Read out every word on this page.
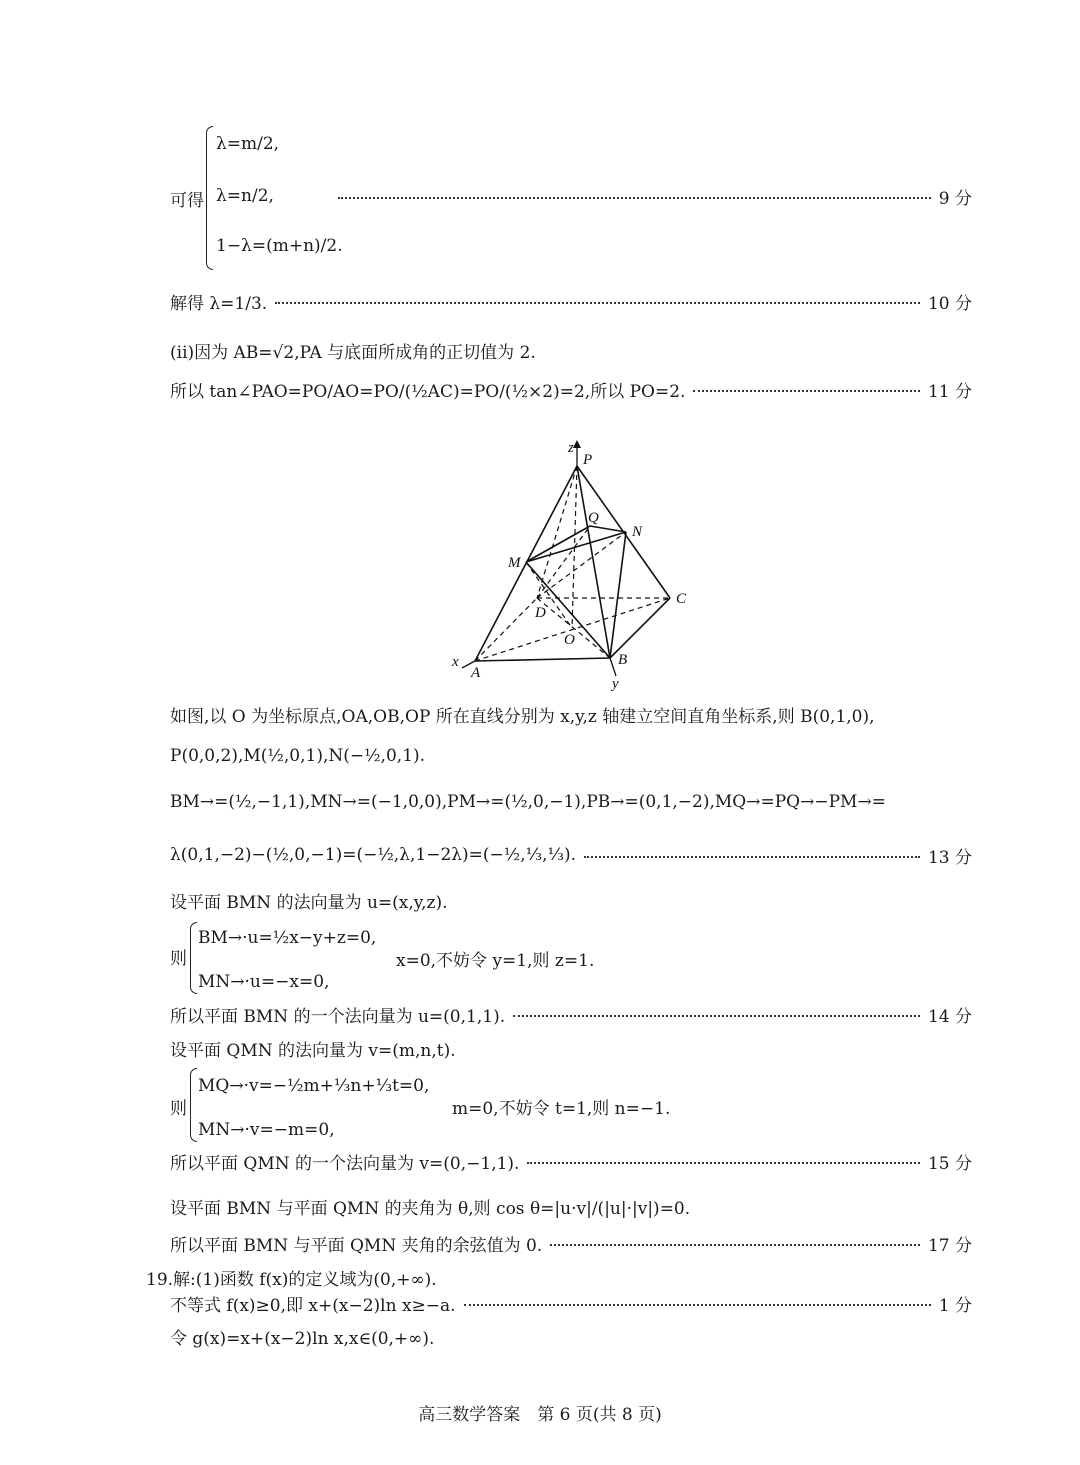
可得
λ=m/2,
λ=n/2,
1−λ=(m+n)/2.
9 分
解得 λ=1/3.	10 分
(ii)因为 AB=√2,PA 与底面所成角的正切值为 2.
所以 tan∠PAO=PO/AO=PO/(½AC)=PO/(½×2)=2,所以 PO=2.	11 分
z
P
Q
N
M
D
C
O
x
A
B
y
如图,以 O 为坐标原点,OA,OB,OP 所在直线分别为 x,y,z 轴建立空间直角坐标系,则 B(0,1,0),
P(0,0,2),M(½,0,1),N(−½,0,1).
BM→=(½,−1,1),MN→=(−1,0,0),PM→=(½,0,−1),PB→=(0,1,−2),MQ→=PQ→−PM→=
λ(0,1,−2)−(½,0,−1)=(−½,λ,1−2λ)=(−½,⅓,⅓).	13 分
设平面 BMN 的法向量为 u=(x,y,z).
则
BM→·u=½x−y+z=0,
MN→·u=−x=0,
x=0,不妨令 y=1,则 z=1.
所以平面 BMN 的一个法向量为 u=(0,1,1).	14 分
设平面 QMN 的法向量为 v=(m,n,t).
则
MQ→·v=−½m+⅓n+⅓t=0,
MN→·v=−m=0,
m=0,不妨令 t=1,则 n=−1.
所以平面 QMN 的一个法向量为 v=(0,−1,1).	15 分
设平面 BMN 与平面 QMN 的夹角为 θ,则 cos θ=|u·v|/(|u|·|v|)=0.
所以平面 BMN 与平面 QMN 夹角的余弦值为 0.	17 分
19.解:(1)函数 f(x)的定义域为(0,+∞).
不等式 f(x)≥0,即 x+(x−2)ln x≥−a.	1 分
令 g(x)=x+(x−2)ln x,x∈(0,+∞).
高三数学答案　第 6 页(共 8 页)
